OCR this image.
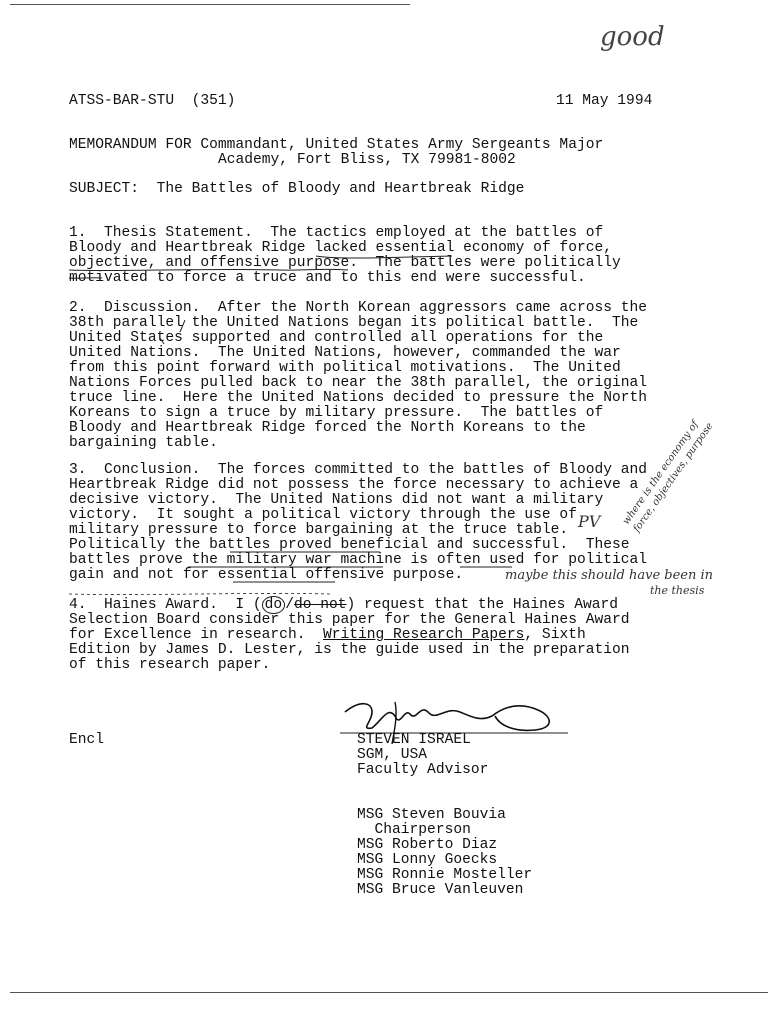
good
ATSS-BAR-STU  (351)	11 May 1994
MEMORANDUM FOR Commandant, United States Army Sergeants Major
Academy, Fort Bliss, TX 79981-8002
SUBJECT:  The Battles of Bloody and Heartbreak Ridge
1.  Thesis Statement.  The tactics employed at the battles of
Bloody and Heartbreak Ridge lacked essential economy of force,
objective, and offensive purpose.  The battles were politically
motivated to force a truce and to this end were successful.
2.  Discussion.  After the North Korean aggressors came across the
38th parallel the United Nations began its political battle.  The
United States supported and controlled all operations for the
United Nations.  The United Nations, however, commanded the war
from this point forward with political motivations.  The United
Nations Forces pulled back to near the 38th parallel, the original
truce line.  Here the United Nations decided to pressure the North
Koreans to sign a truce by military pressure.  The battles of
Bloody and Heartbreak Ridge forced the North Koreans to the
bargaining table.
3.  Conclusion.  The forces committed to the battles of Bloody and
Heartbreak Ridge did not possess the force necessary to achieve a
decisive victory.  The United Nations did not want a military
victory.  It sought a political victory through the use of
military pressure to force bargaining at the truce table.
Politically the battles proved beneficial and successful.  These
battles prove the military war machine is often used for political
gain and not for essential offensive purpose.
PV
maybe this should have been in
the thesis
where is the economy of force, objectives, purpose
4.  Haines Award.  I ( do /do not) request that the Haines Award
Selection Board consider this paper for the General Haines Award
for Excellence in research.  Writing Research Papers, Sixth
Edition by James D. Lester, is the guide used in the preparation
of this research paper.
Encl	STEVEN ISRAEL
SGM, USA
Faculty Advisor
MSG Steven Bouvia
Chairperson
MSG Roberto Diaz
MSG Lonny Goecks
MSG Ronnie Mosteller
MSG Bruce Vanleuven
